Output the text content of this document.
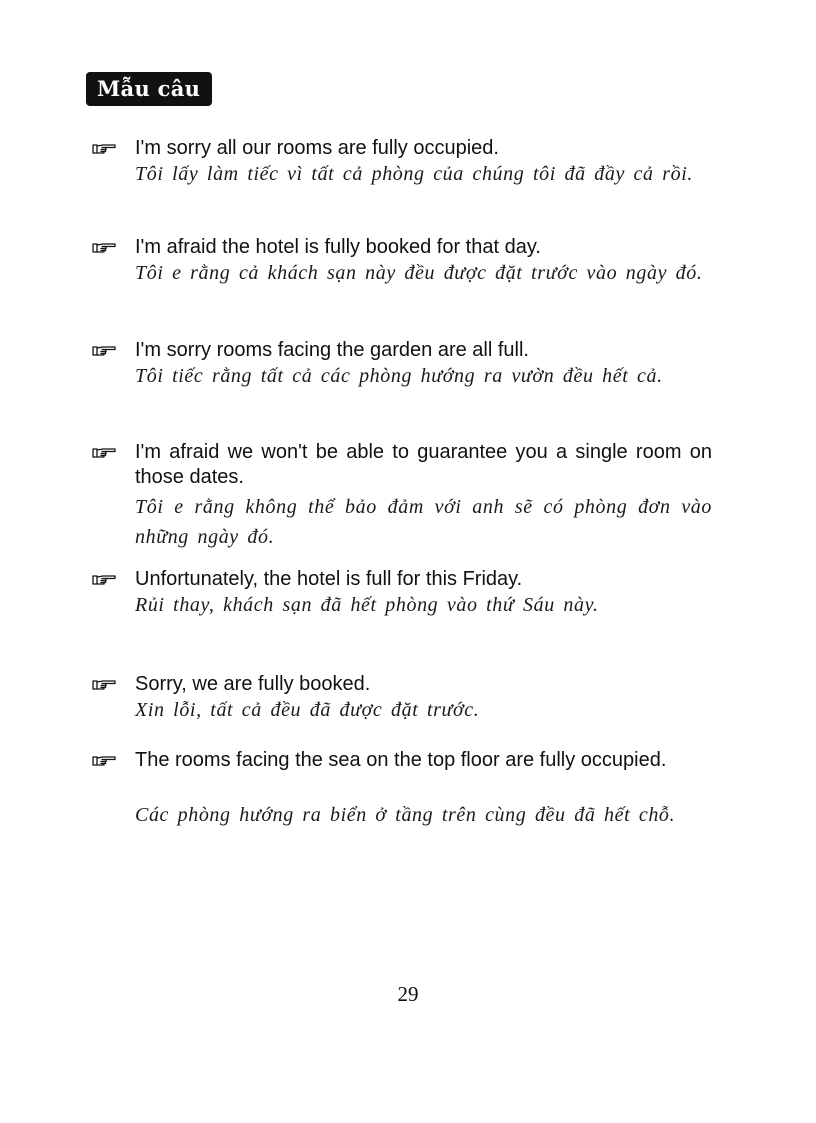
Mẫu câu

I'm sorry all our rooms are fully occupied.

Tôi lấy làm tiếc vì tất cả phòng của chúng tôi đã đầy cả rồi.

I'm afraid the hotel is fully booked for that day.

Tôi e rằng cả khách sạn này đều được đặt trước vào ngày đó.

I'm sorry rooms facing the garden are all full.

Tôi tiếc rằng tất cả các phòng hướng ra vườn đều hết cả.

I'm afraid we won't be able to guarantee you a single room on those dates.

Tôi e rằng không thể bảo đảm với anh sẽ có phòng đơn vào những ngày đó.

Unfortunately, the hotel is full for this Friday.

Rủi thay, khách sạn đã hết phòng vào thứ Sáu này.

Sorry, we are fully booked.

Xin lỗi, tất cả đều đã được đặt trước.

The rooms facing the sea on the top floor are fully occupied.

Các phòng hướng ra biển ở tầng trên cùng đều đã hết chỗ.

29
